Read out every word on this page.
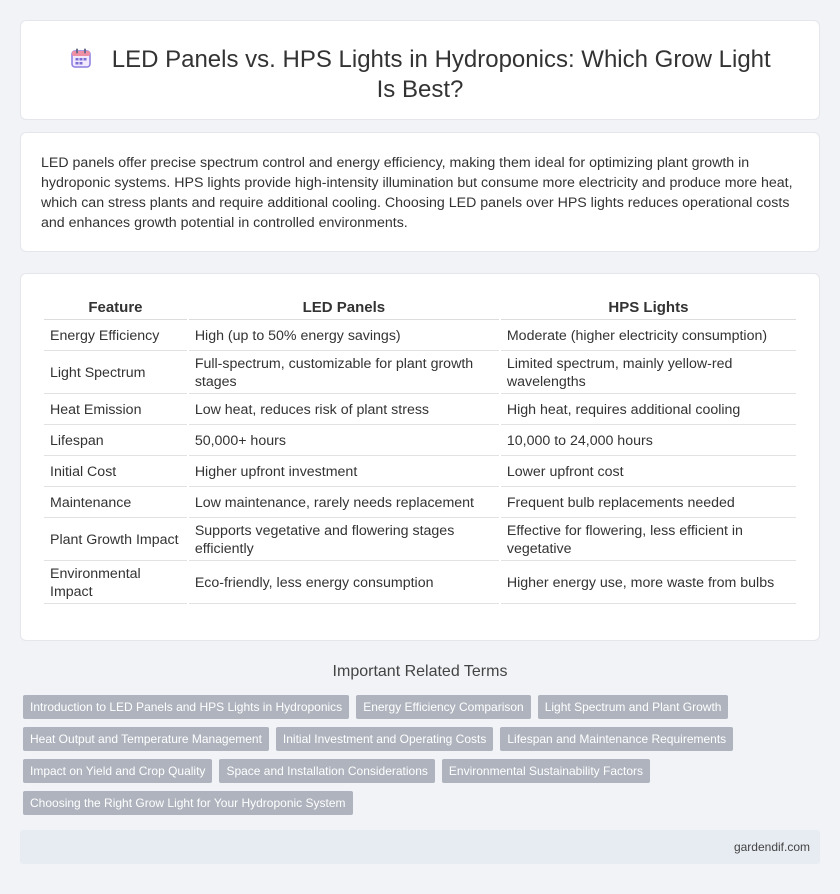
LED Panels vs. HPS Lights in Hydroponics: Which Grow Light Is Best?

LED panels offer precise spectrum control and energy efficiency, making them ideal for optimizing plant growth in hydroponic systems. HPS lights provide high-intensity illumination but consume more electricity and produce more heat, which can stress plants and require additional cooling. Choosing LED panels over HPS lights reduces operational costs and enhances growth potential in controlled environments.

Feature	LED Panels	HPS Lights
Energy Efficiency	High (up to 50% energy savings)	Moderate (higher electricity consumption)
Light Spectrum	Full-spectrum, customizable for plant growth stages	Limited spectrum, mainly yellow-red wavelengths
Heat Emission	Low heat, reduces risk of plant stress	High heat, requires additional cooling
Lifespan	50,000+ hours	10,000 to 24,000 hours
Initial Cost	Higher upfront investment	Lower upfront cost
Maintenance	Low maintenance, rarely needs replacement	Frequent bulb replacements needed
Plant Growth Impact	Supports vegetative and flowering stages efficiently	Effective for flowering, less efficient in vegetative
Environmental Impact	Eco-friendly, less energy consumption	Higher energy use, more waste from bulbs
Important Related Terms
Introduction to LED Panels and HPS Lights in Hydroponics	Energy Efficiency Comparison	Light Spectrum and Plant Growth
Heat Output and Temperature Management	Initial Investment and Operating Costs	Lifespan and Maintenance Requirements
Impact on Yield and Crop Quality	Space and Installation Considerations	Environmental Sustainability Factors
Choosing the Right Grow Light for Your Hydroponic System
gardendif.com
